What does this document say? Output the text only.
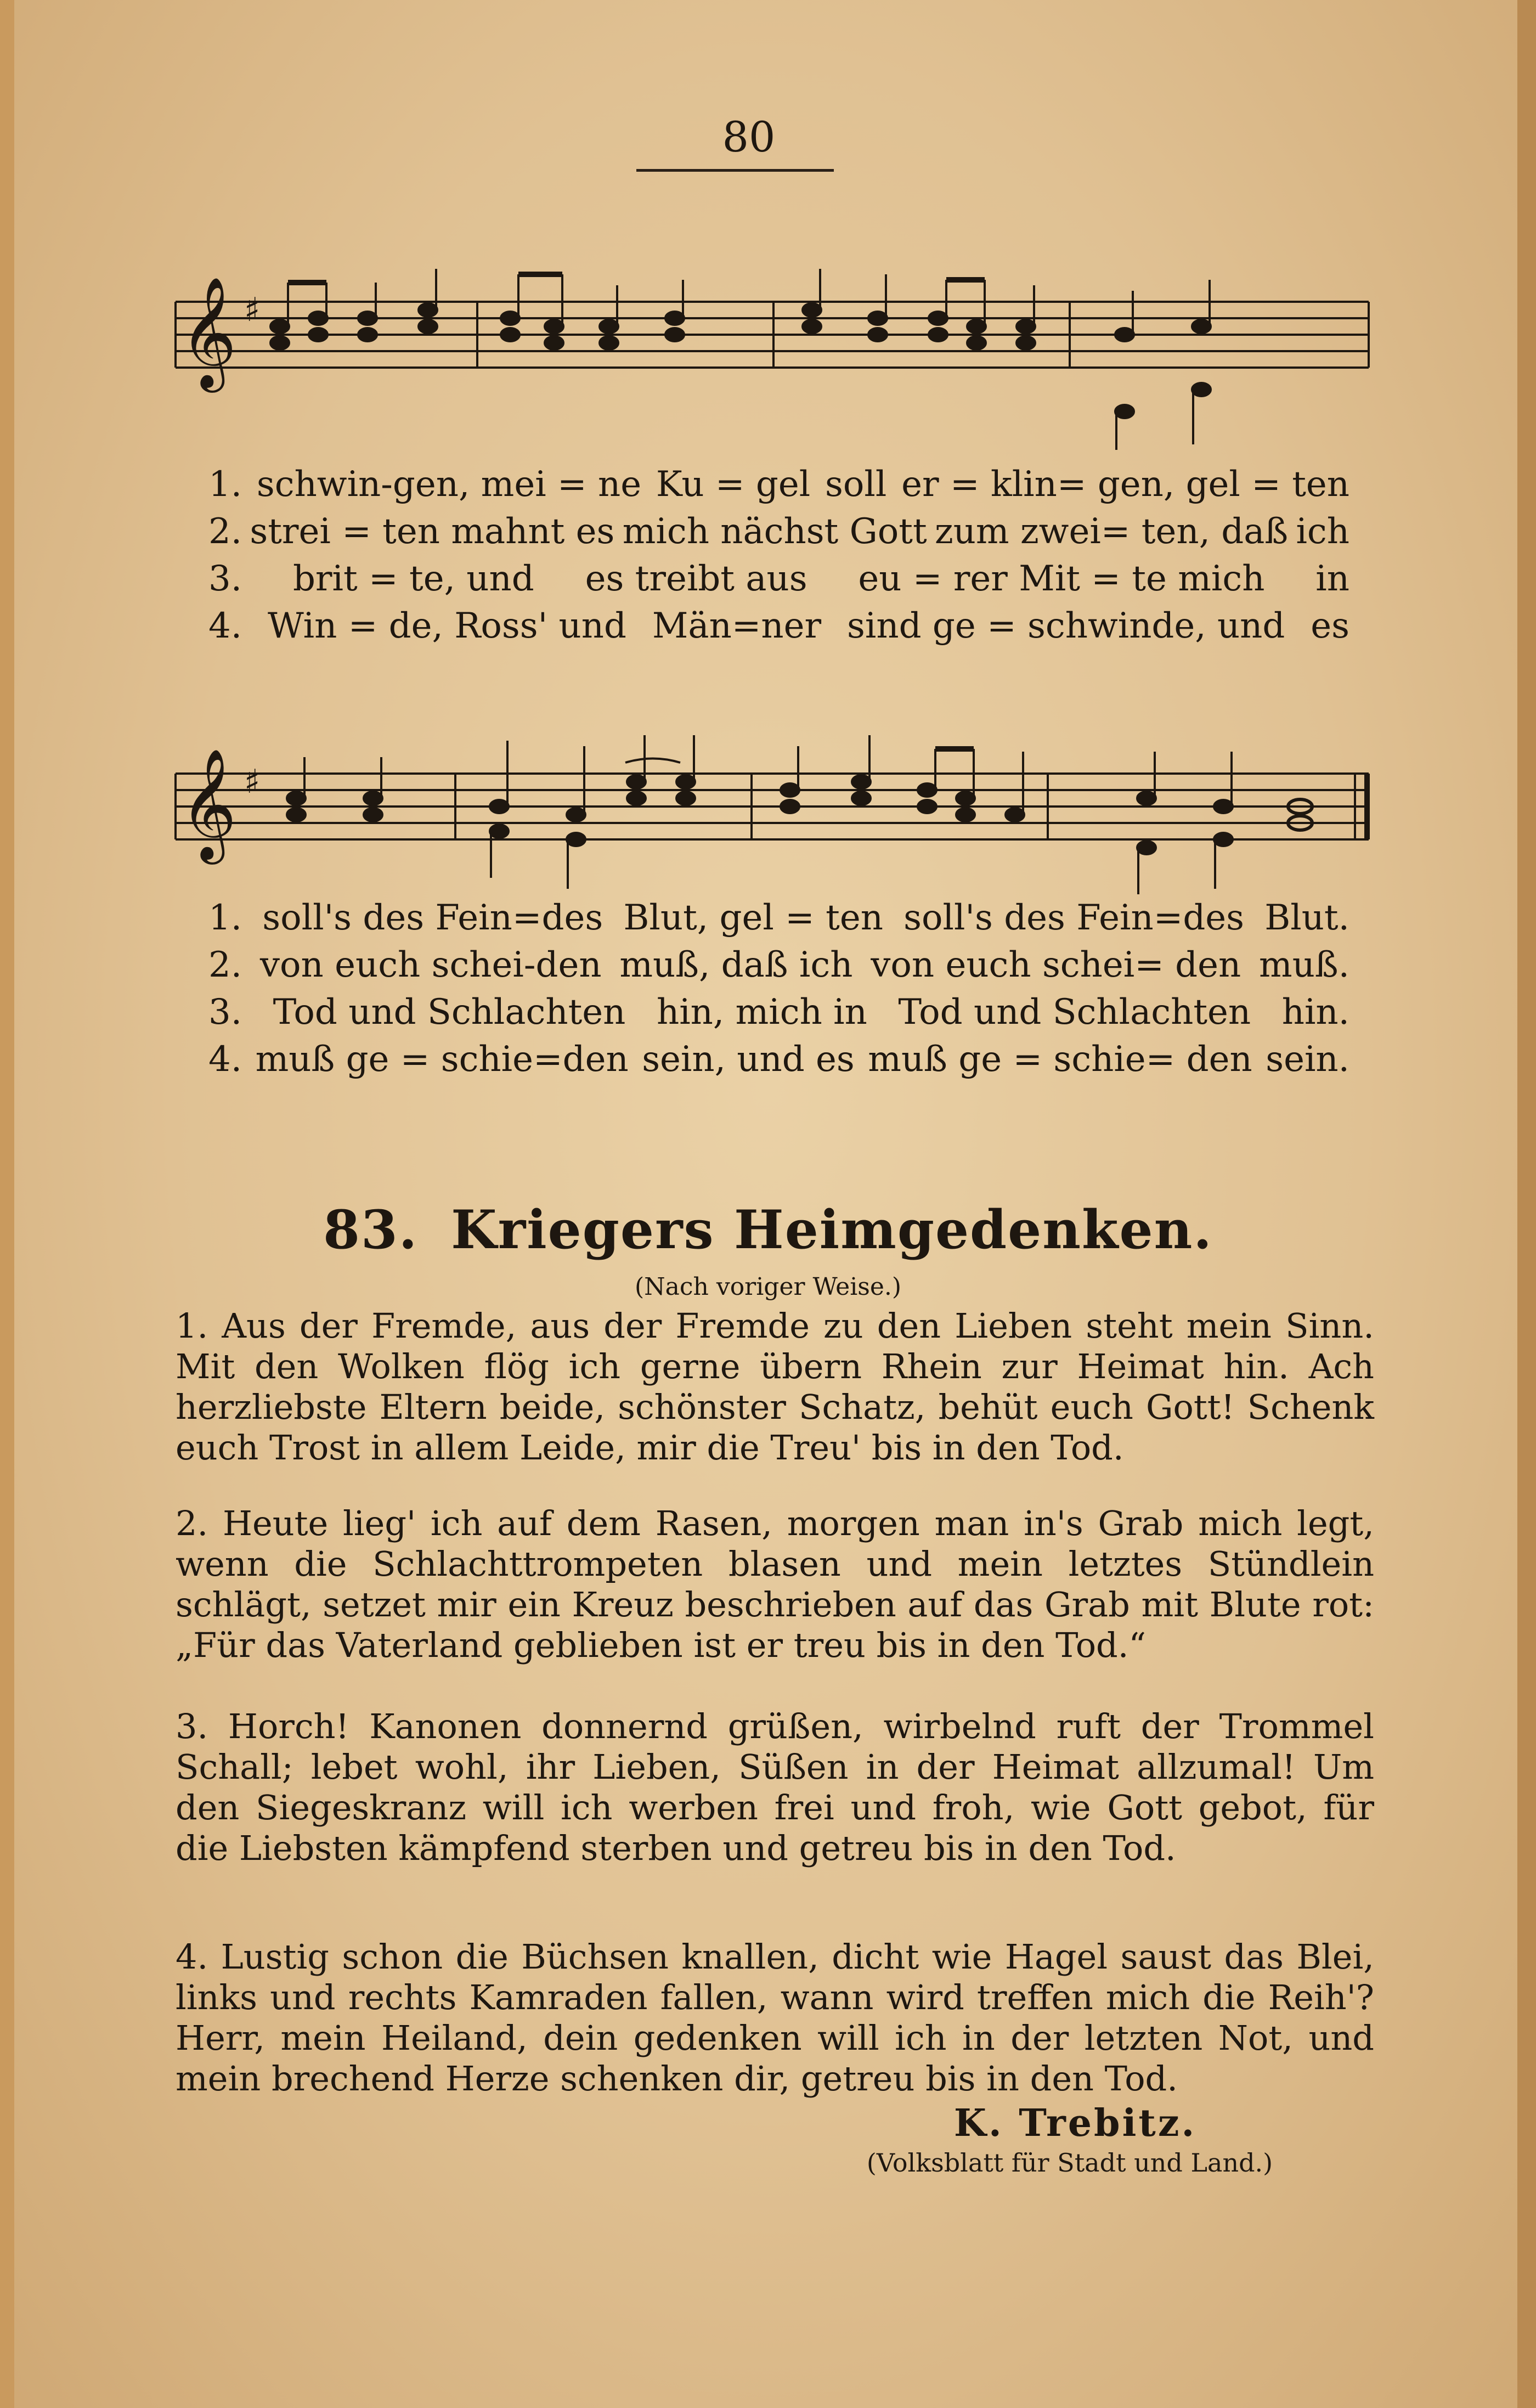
80
𝄞 ♯
1. schwin-gen, mei = ne Ku = gel soll er = klin= gen, gel = ten
2. strei = ten mahnt es mich nächst Gott zum zwei= ten, daß ich
3. brit = te, und es treibt aus eu = rer Mit = te mich in
4. Win = de, Ross' und Män=ner sind ge = schwinde, und es
𝄞 ♯
1. soll's des Fein=des Blut, gel = ten soll's des Fein=des Blut.
2. von euch schei-den muß, daß ich von euch schei= den muß.
3. Tod und Schlachten hin, mich in Tod und Schlachten hin.
4. muß ge = schie=den sein, und es muß ge = schie= den sein.
83. Kriegers Heimgedenken.
(Nach voriger Weise.)

1. Aus der Fremde, aus der Fremde zu den Lieben steht mein Sinn. Mit den Wolken flög ich gerne übern Rhein zur Heimat hin. Ach herzliebste Eltern beide, schönster Schatz, behüt euch Gott! Schenk euch Trost in allem Leide, mir die Treu' bis in den Tod.

2. Heute lieg' ich auf dem Rasen, morgen man in's Grab mich legt, wenn die Schlachttrompeten blasen und mein letztes Stündlein schlägt, setzet mir ein Kreuz beschrieben auf das Grab mit Blute rot: „Für das Vaterland geblieben ist er treu bis in den Tod.“

3. Horch! Kanonen donnernd grüßen, wirbelnd ruft der Trommel Schall; lebet wohl, ihr Lieben, Süßen in der Heimat allzumal! Um den Siegeskranz will ich werben frei und froh, wie Gott gebot, für die Liebsten kämpfend sterben und getreu bis in den Tod.

4. Lustig schon die Büchsen knallen, dicht wie Hagel saust das Blei, links und rechts Kamraden fallen, wann wird treffen mich die Reih'? Herr, mein Heiland, dein gedenken will ich in der letzten Not, und mein brechend Herze schenken dir, getreu bis in den Tod.

K. Trebitz.
(Volksblatt für Stadt und Land.)
